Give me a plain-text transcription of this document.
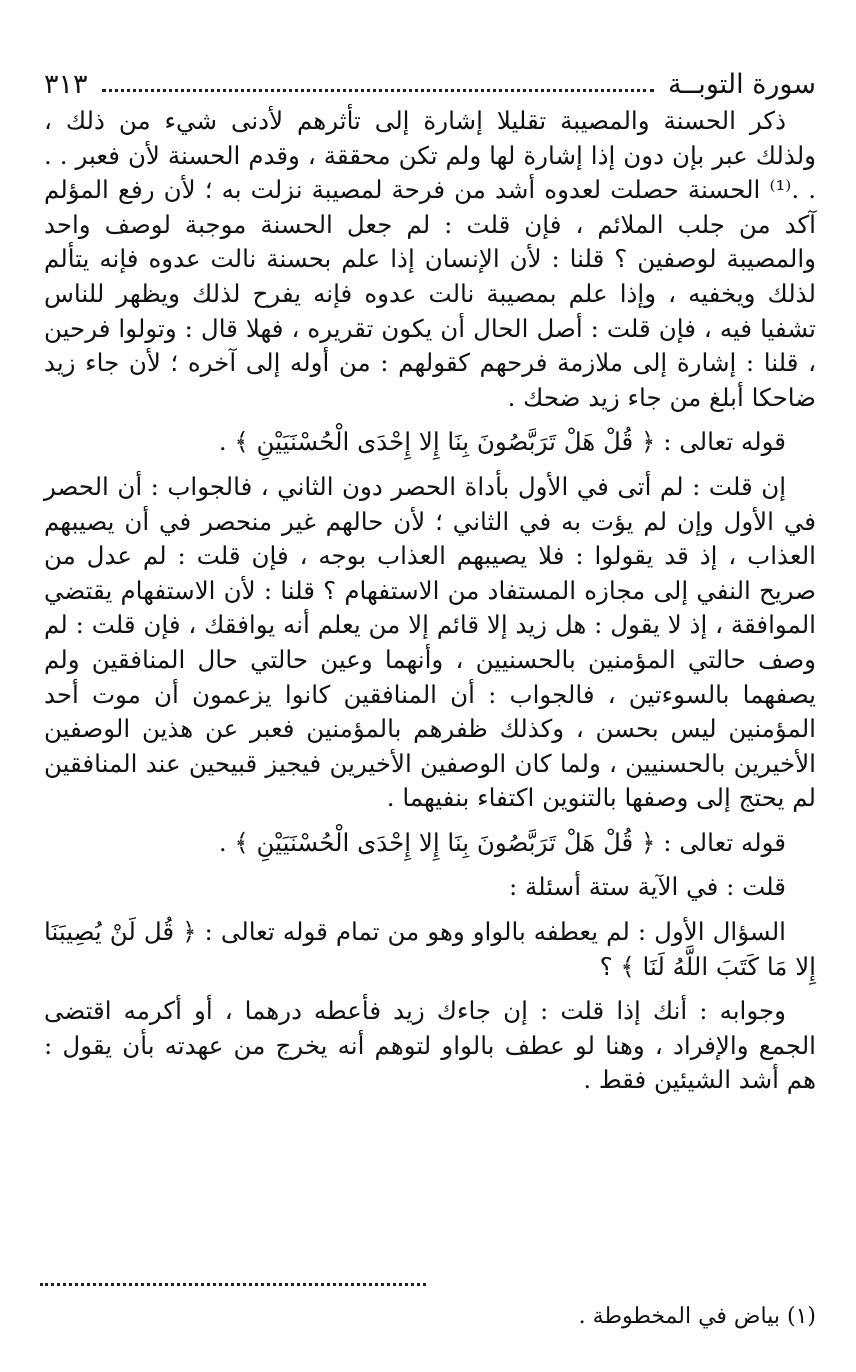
سورة التوبــة
٣١٣

ذكر الحسنة والمصيبة تقليلا إشارة إلى تأثرهم لأدنى شيء من ذلك ، ولذلك عبر بإن دون إذا إشارة لها ولم تكن محققة ، وقدم الحسنة لأن فعبر . . . .⁽¹⁾ الحسنة حصلت لعدوه أشد من فرحة لمصيبة نزلت به ؛ لأن رفع المؤلم آكد من جلب الملائم ، فإن قلت : لم جعل الحسنة موجبة لوصف واحد والمصيبة لوصفين ؟ قلنا : لأن الإنسان إذا علم بحسنة نالت عدوه فإنه يتألم لذلك ويخفيه ، وإذا علم بمصيبة نالت عدوه فإنه يفرح لذلك ويظهر للناس تشفيا فيه ، فإن قلت : أصل الحال أن يكون تقريره ، فهلا قال : وتولوا فرحين ، قلنا : إشارة إلى ملازمة فرحهم كقولهم : من أوله إلى آخره ؛ لأن جاء زيد ضاحكا أبلغ من جاء زيد ضحك .

قوله تعالى : ﴿ قُلْ هَلْ تَرَبَّصُونَ بِنَا إِلا إِحْدَى الْحُسْنَيَيْنِ ﴾ .

إن قلت : لم أتى في الأول بأداة الحصر دون الثاني ، فالجواب : أن الحصر في الأول وإن لم يؤت به في الثاني ؛ لأن حالهم غير منحصر في أن يصيبهم العذاب ، إذ قد يقولوا : فلا يصيبهم العذاب بوجه ، فإن قلت : لم عدل من صريح النفي إلى مجازه المستفاد من الاستفهام ؟ قلنا : لأن الاستفهام يقتضي الموافقة ، إذ لا يقول : هل زيد إلا قائم إلا من يعلم أنه يوافقك ، فإن قلت : لم وصف حالتي المؤمنين بالحسنيين ، وأنهما وعين حالتي حال المنافقين ولم يصفهما بالسوءتين ، فالجواب : أن المنافقين كانوا يزعمون أن موت أحد المؤمنين ليس بحسن ، وكذلك ظفرهم بالمؤمنين فعبر عن هذين الوصفين الأخيرين بالحسنيين ، ولما كان الوصفين الأخيرين فيجيز قبيحين عند المنافقين لم يحتج إلى وصفها بالتنوين اكتفاء بنفيهما .

قوله تعالى : ﴿ قُلْ هَلْ تَرَبَّصُونَ بِنَا إِلا إِحْدَى الْحُسْنَيَيْنِ ﴾ .

قلت : في الآية ستة أسئلة :

السؤال الأول : لم يعطفه بالواو وهو من تمام قوله تعالى : ﴿ قُل لَنْ يُصِيبَنَا إِلا مَا كَتَبَ اللَّهُ لَنَا ﴾ ؟

وجوابه : أنك إذا قلت : إن جاءك زيد فأعطه درهما ، أو أكرمه اقتضى الجمع والإفراد ، وهنا لو عطف بالواو لتوهم أنه يخرج من عهدته بأن يقول : هم أشد الشيئين فقط .

(١) بياض في المخطوطة .
